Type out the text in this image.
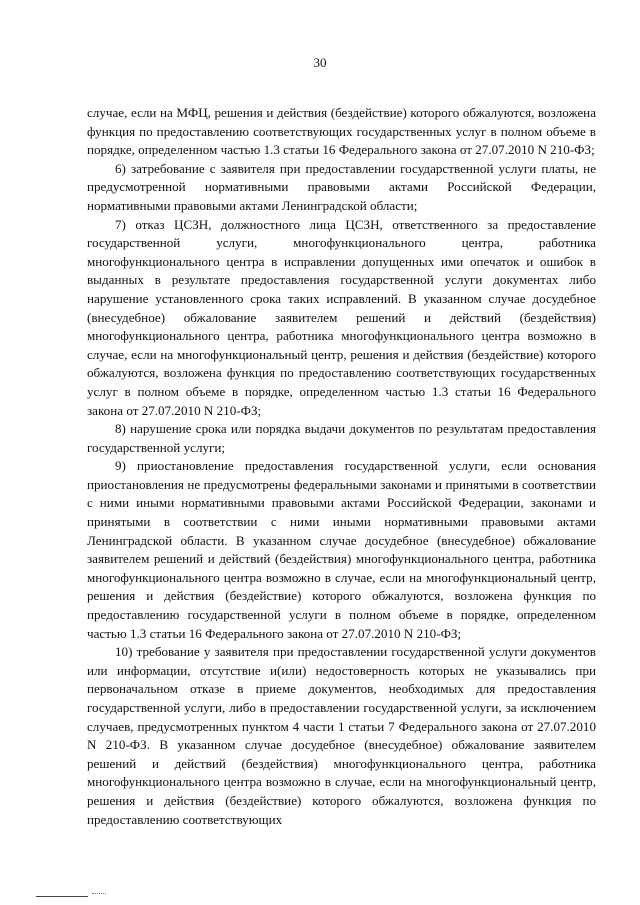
30

случае, если на МФЦ, решения и действия (бездействие) которого обжалуются, возложена функция по предоставлению соответствующих государственных услуг в полном объеме в порядке, определенном частью 1.3 статьи 16 Федерального закона от 27.07.2010 N 210-ФЗ;

6) затребование с заявителя при предоставлении государственной услуги платы, не предусмотренной нормативными правовыми актами Российской Федерации, нормативными правовыми актами Ленинградской области;

7) отказ ЦСЗН, должностного лица ЦСЗН, ответственного за предоставление государственной услуги, многофункционального центра, работника многофункционального центра в исправлении допущенных ими опечаток и ошибок в выданных в результате предоставления государственной услуги документах либо нарушение установленного срока таких исправлений. В указанном случае досудебное (внесудебное) обжалование заявителем решений и действий (бездействия) многофункционального центра, работника многофункционального центра возможно в случае, если на многофункциональный центр, решения и действия (бездействие) которого обжалуются, возложена функция по предоставлению соответствующих государственных услуг в полном объеме в порядке, определенном частью 1.3 статьи 16 Федерального закона от 27.07.2010 N 210-ФЗ;

8) нарушение срока или порядка выдачи документов по результатам предоставления государственной услуги;

9) приостановление предоставления государственной услуги, если основания приостановления не предусмотрены федеральными законами и принятыми в соответствии с ними иными нормативными правовыми актами Российской Федерации, законами и принятыми в соответствии с ними иными нормативными правовыми актами Ленинградской области. В указанном случае досудебное (внесудебное) обжалование заявителем решений и действий (бездействия) многофункционального центра, работника многофункционального центра возможно в случае, если на многофункциональный центр, решения и действия (бездействие) которого обжалуются, возложена функция по предоставлению государственной услуги в полном объеме в порядке, определенном частью 1.3 статьи 16 Федерального закона от 27.07.2010 N 210-ФЗ;

10) требование у заявителя при предоставлении государственной услуги документов или информации, отсутствие и(или) недостоверность которых не указывались при первоначальном отказе в приеме документов, необходимых для предоставления государственной услуги, либо в предоставлении государственной услуги, за исключением случаев, предусмотренных пунктом 4 части 1 статьи 7 Федерального закона от 27.07.2010 N 210-ФЗ. В указанном случае досудебное (внесудебное) обжалование заявителем решений и действий (бездействия) многофункционального центра, работника многофункционального центра возможно в случае, если на многофункциональный центр, решения и действия (бездействие) которого обжалуются, возложена функция по предоставлению соответствующих
